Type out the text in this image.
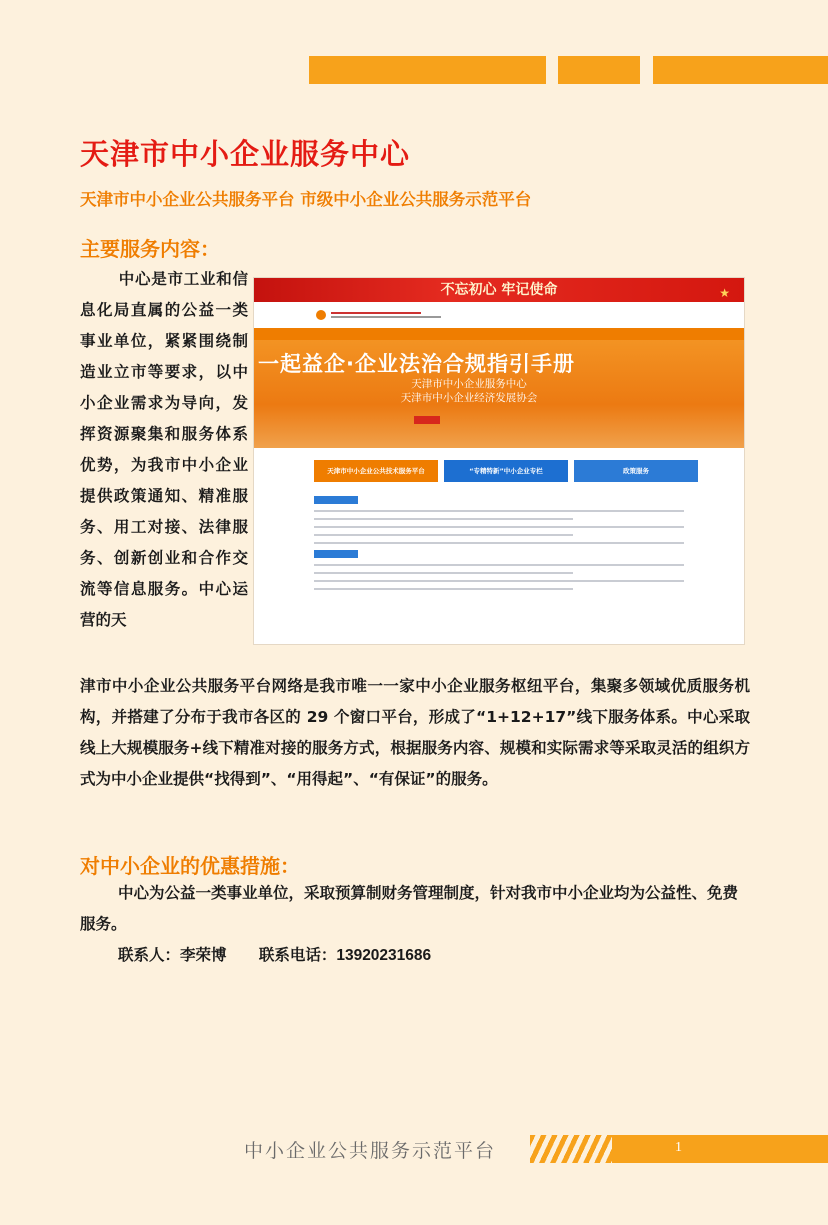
天津市中小企业服务中心

天津市中小企业公共服务平台 市级中小企业公共服务示范平台

主要服务内容：

中心是市工业和信息化局直属的公益一类事业单位，紧紧围绕制造业立市等要求，以中小企业需求为导向，发挥资源聚集和服务体系优势，为我市中小企业提供政策通知、精准服务、用工对接、法律服务、创新创业和合作交流等信息服务。中心运营的天

不忘初心 牢记使命	★
一起益企·企业法治合规指引手册
天津市中小企业服务中心
天津市中小企业经济发展协会
天津市中小企业公共技术服务平台	“专精特新”中小企业专栏	政策服务

津市中小企业公共服务平台网络是我市唯一一家中小企业服务枢纽平台，集聚多领域优质服务机构，并搭建了分布于我市各区的 29 个窗口平台，形成了“1+12+17”线下服务体系。中心采取线上大规模服务+线下精准对接的服务方式，根据服务内容、规模和实际需求等采取灵活的组织方式为中小企业提供“找得到”、“用得起”、“有保证”的服务。

对中小企业的优惠措施：

中心为公益一类事业单位，采取预算制财务管理制度，针对我市中小企业均为公益性、免费服务。

联系人：李荣博 联系电话：13920231686

中小企业公共服务示范平台	1
